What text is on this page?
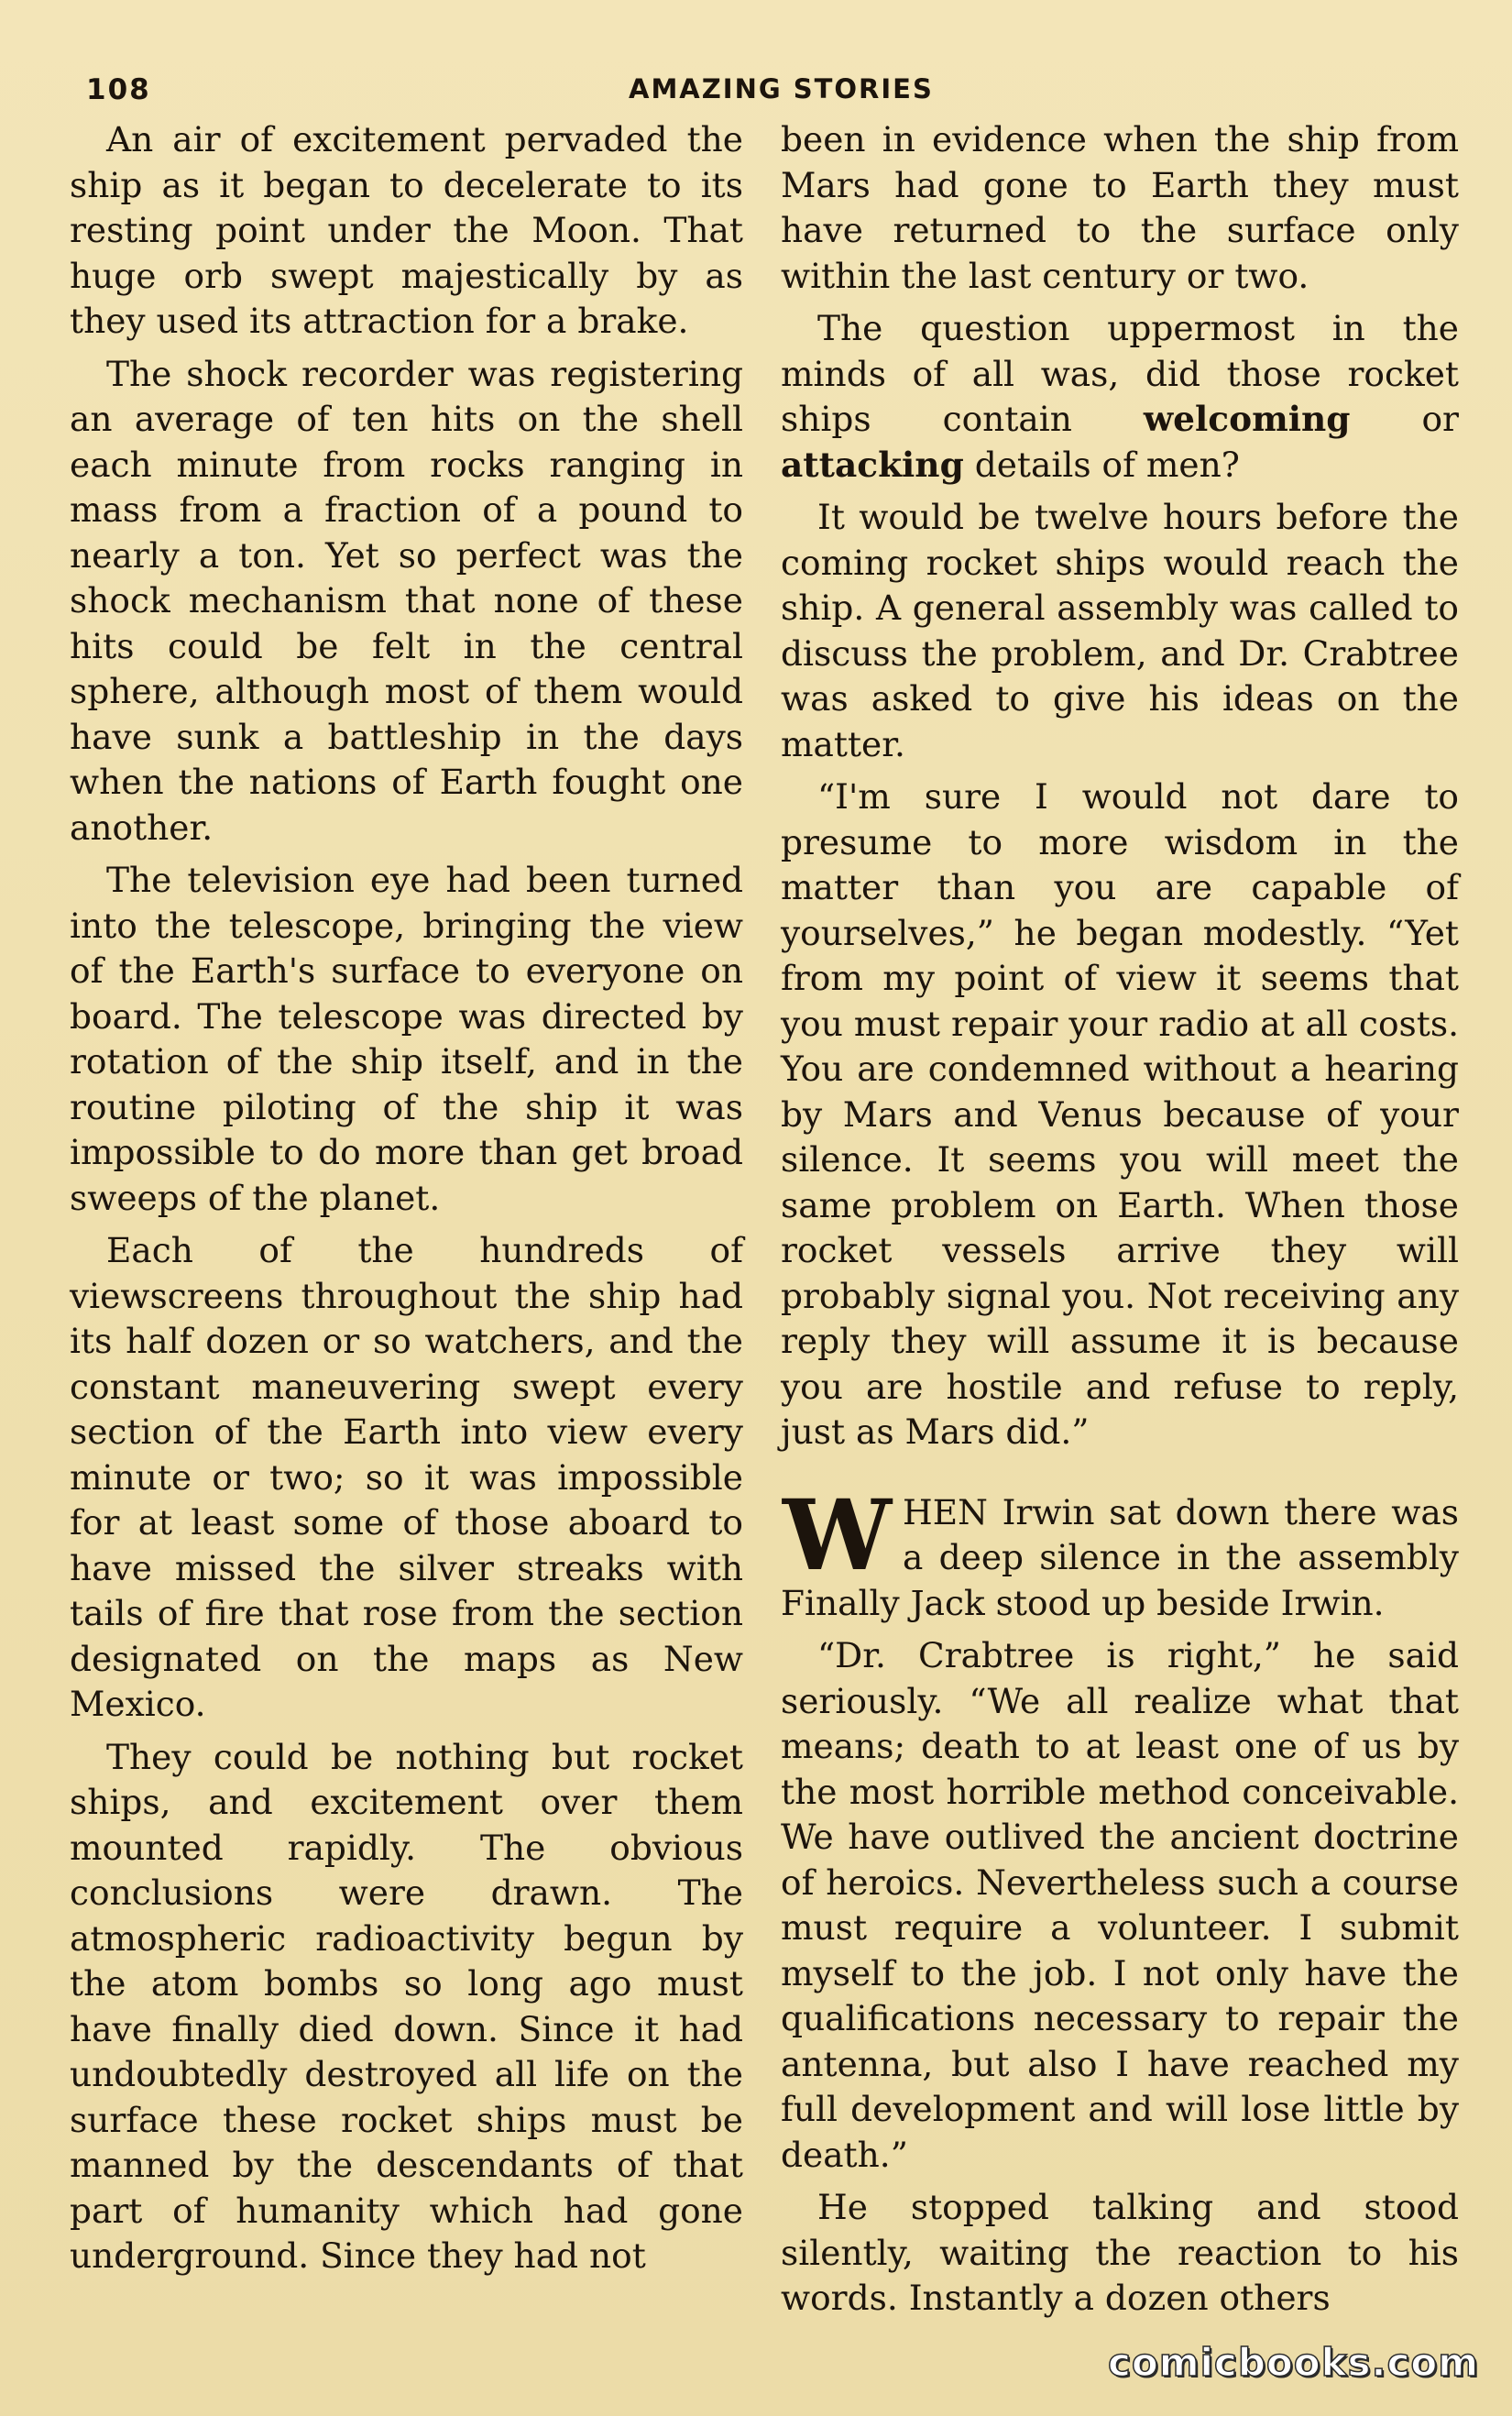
108	AMAZING STORIES

An air of excitement pervaded the ship as it began to decelerate to its resting point under the Moon. That huge orb swept majestically by as they used its attraction for a brake.

The shock recorder was registering an average of ten hits on the shell each minute from rocks ranging in mass from a fraction of a pound to nearly a ton. Yet so perfect was the shock mechanism that none of these hits could be felt in the central sphere, although most of them would have sunk a battleship in the days when the nations of Earth fought one another.

The television eye had been turned into the telescope, bringing the view of the Earth's surface to everyone on board. The telescope was directed by rotation of the ship itself, and in the routine piloting of the ship it was impossible to do more than get broad sweeps of the planet.

Each of the hundreds of viewscreens throughout the ship had its half dozen or so watchers, and the constant maneuvering swept every section of the Earth into view every minute or two; so it was impossible for at least some of those aboard to have missed the silver streaks with tails of fire that rose from the section designated on the maps as New Mexico.

They could be nothing but rocket ships, and excitement over them mounted rapidly. The obvious conclusions were drawn. The atmospheric radioactivity begun by the atom bombs so long ago must have finally died down. Since it had undoubtedly destroyed all life on the surface these rocket ships must be manned by the descendants of that part of humanity which had gone underground. Since they had not

been in evidence when the ship from Mars had gone to Earth they must have returned to the surface only within the last century or two.

The question uppermost in the minds of all was, did those rocket ships contain welcoming or attacking details of men?

It would be twelve hours before the coming rocket ships would reach the ship. A general assembly was called to discuss the problem, and Dr. Crabtree was asked to give his ideas on the matter.

“I'm sure I would not dare to presume to more wisdom in the matter than you are capable of yourselves,” he began modestly. “Yet from my point of view it seems that you must repair your radio at all costs. You are condemned without a hearing by Mars and Venus because of your silence. It seems you will meet the same problem on Earth. When those rocket vessels arrive they will probably signal you. Not receiving any reply they will assume it is because you are hostile and refuse to reply, just as Mars did.”

WHEN Irwin sat down there was a deep silence in the assembly Finally Jack stood up beside Irwin.

“Dr. Crabtree is right,” he said seriously. “We all realize what that means; death to at least one of us by the most horrible method conceivable. We have outlived the ancient doctrine of heroics. Nevertheless such a course must require a volunteer. I submit myself to the job. I not only have the qualifications necessary to repair the antenna, but also I have reached my full development and will lose little by death.”

He stopped talking and stood silently, waiting the reaction to his words. Instantly a dozen others

comicbooks.com
